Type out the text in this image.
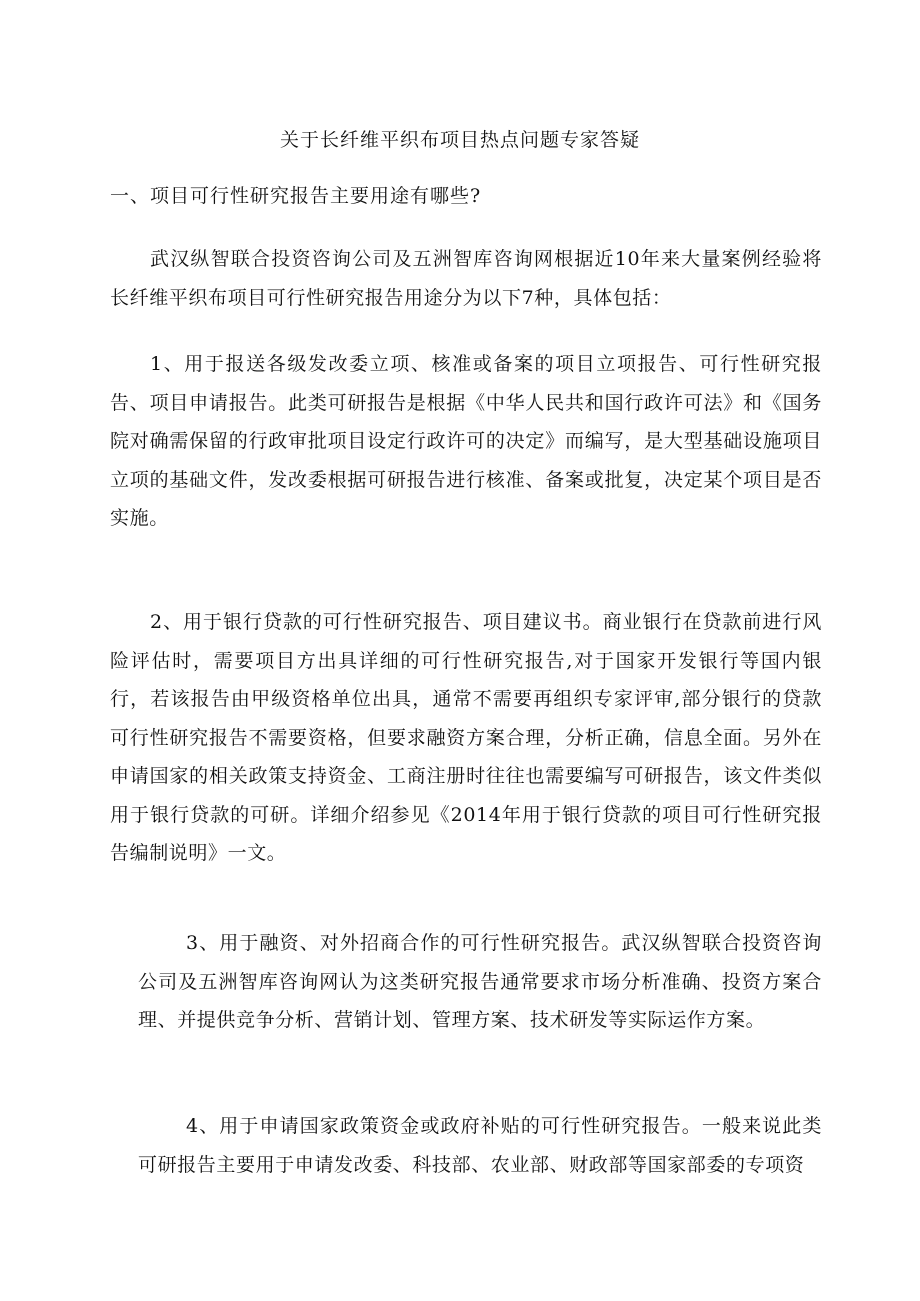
关于长纤维平织布项目热点问题专家答疑
一、项目可行性研究报告主要用途有哪些?

武汉纵智联合投资咨询公司及五洲智库咨询网根据近10年来大量案例经验将长纤维平织布项目可行性研究报告用途分为以下7种，具体包括：

1、用于报送各级发改委立项、核准或备案的项目立项报告、可行性研究报告、项目申请报告。此类可研报告是根据《中华人民共和国行政许可法》和《国务院对确需保留的行政审批项目设定行政许可的决定》而编写，是大型基础设施项目立项的基础文件，发改委根据可研报告进行核准、备案或批复，决定某个项目是否实施。

2、用于银行贷款的可行性研究报告、项目建议书。商业银行在贷款前进行风险评估时，需要项目方出具详细的可行性研究报告,对于国家开发银行等国内银行，若该报告由甲级资格单位出具，通常不需要再组织专家评审,部分银行的贷款可行性研究报告不需要资格，但要求融资方案合理，分析正确，信息全面。另外在申请国家的相关政策支持资金、工商注册时往往也需要编写可研报告，该文件类似用于银行贷款的可研。详细介绍参见《2014年用于银行贷款的项目可行性研究报告编制说明》一文。

3、用于融资、对外招商合作的可行性研究报告。武汉纵智联合投资咨询公司及五洲智库咨询网认为这类研究报告通常要求市场分析准确、投资方案合理、并提供竞争分析、营销计划、管理方案、技术研发等实际运作方案。

4、用于申请国家政策资金或政府补贴的可行性研究报告。一般来说此类可研报告主要用于申请发改委、科技部、农业部、财政部等国家部委的专项资
